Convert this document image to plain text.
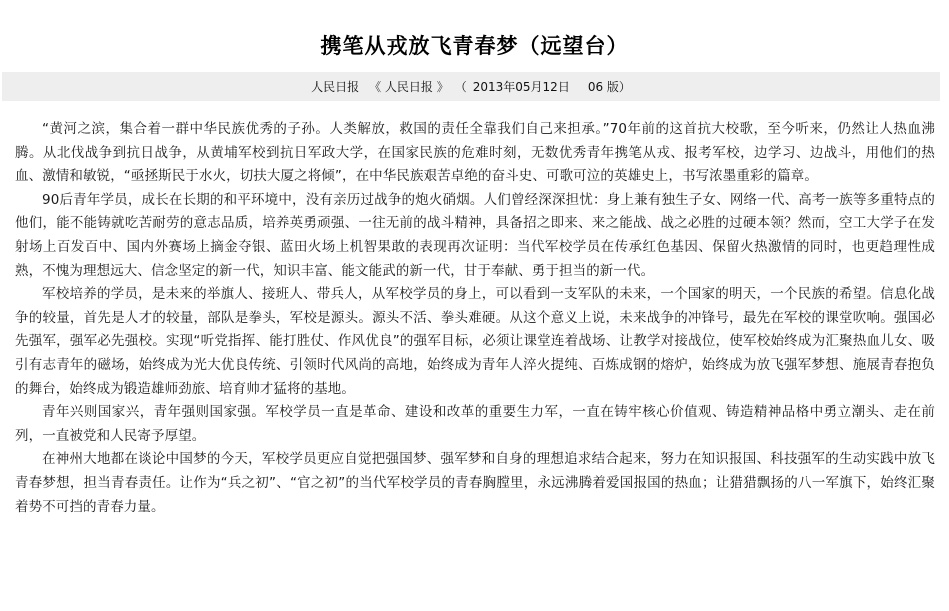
携笔从戎放飞青春梦（远望台）
人民日报 《 人民日报 》 （ 2013年05月12日 06 版）

“黄河之滨，集合着一群中华民族优秀的子孙。人类解放，救国的责任全靠我们自己来担承。”70年前的这首抗大校歌，至今听来，仍然让人热血沸腾。从北伐战争到抗日战争，从黄埔军校到抗日军政大学，在国家民族的危难时刻，无数优秀青年携笔从戎、报考军校，边学习、边战斗，用他们的热血、激情和敏锐，“亟拯斯民于水火，切扶大厦之将倾”，在中华民族艰苦卓绝的奋斗史、可歌可泣的英雄史上，书写浓墨重彩的篇章。

90后青年学员，成长在长期的和平环境中，没有亲历过战争的炮火硝烟。人们曾经深深担忧：身上兼有独生子女、网络一代、高考一族等多重特点的他们，能不能铸就吃苦耐劳的意志品质，培养英勇顽强、一往无前的战斗精神，具备招之即来、来之能战、战之必胜的过硬本领？然而，空工大学子在发射场上百发百中、国内外赛场上摘金夺银、蓝田火场上机智果敢的表现再次证明：当代军校学员在传承红色基因、保留火热激情的同时，也更趋理性成熟，不愧为理想远大、信念坚定的新一代，知识丰富、能文能武的新一代，甘于奉献、勇于担当的新一代。

军校培养的学员，是未来的举旗人、接班人、带兵人，从军校学员的身上，可以看到一支军队的未来，一个国家的明天，一个民族的希望。信息化战争的较量，首先是人才的较量，部队是拳头，军校是源头。源头不活、拳头难硬。从这个意义上说，未来战争的冲锋号，最先在军校的课堂吹响。强国必先强军，强军必先强校。实现“听党指挥、能打胜仗、作风优良”的强军目标，必须让课堂连着战场、让教学对接战位，使军校始终成为汇聚热血儿女、吸引有志青年的磁场，始终成为光大优良传统、引领时代风尚的高地，始终成为青年人淬火提纯、百炼成钢的熔炉，始终成为放飞强军梦想、施展青春抱负的舞台，始终成为锻造雄师劲旅、培育帅才猛将的基地。

青年兴则国家兴，青年强则国家强。军校学员一直是革命、建设和改革的重要生力军，一直在铸牢核心价值观、铸造精神品格中勇立潮头、走在前列，一直被党和人民寄予厚望。

在神州大地都在谈论中国梦的今天，军校学员更应自觉把强国梦、强军梦和自身的理想追求结合起来，努力在知识报国、科技强军的生动实践中放飞青春梦想，担当青春责任。让作为“兵之初”、“官之初”的当代军校学员的青春胸膛里，永远沸腾着爱国报国的热血；让猎猎飘扬的八一军旗下，始终汇聚着势不可挡的青春力量。
